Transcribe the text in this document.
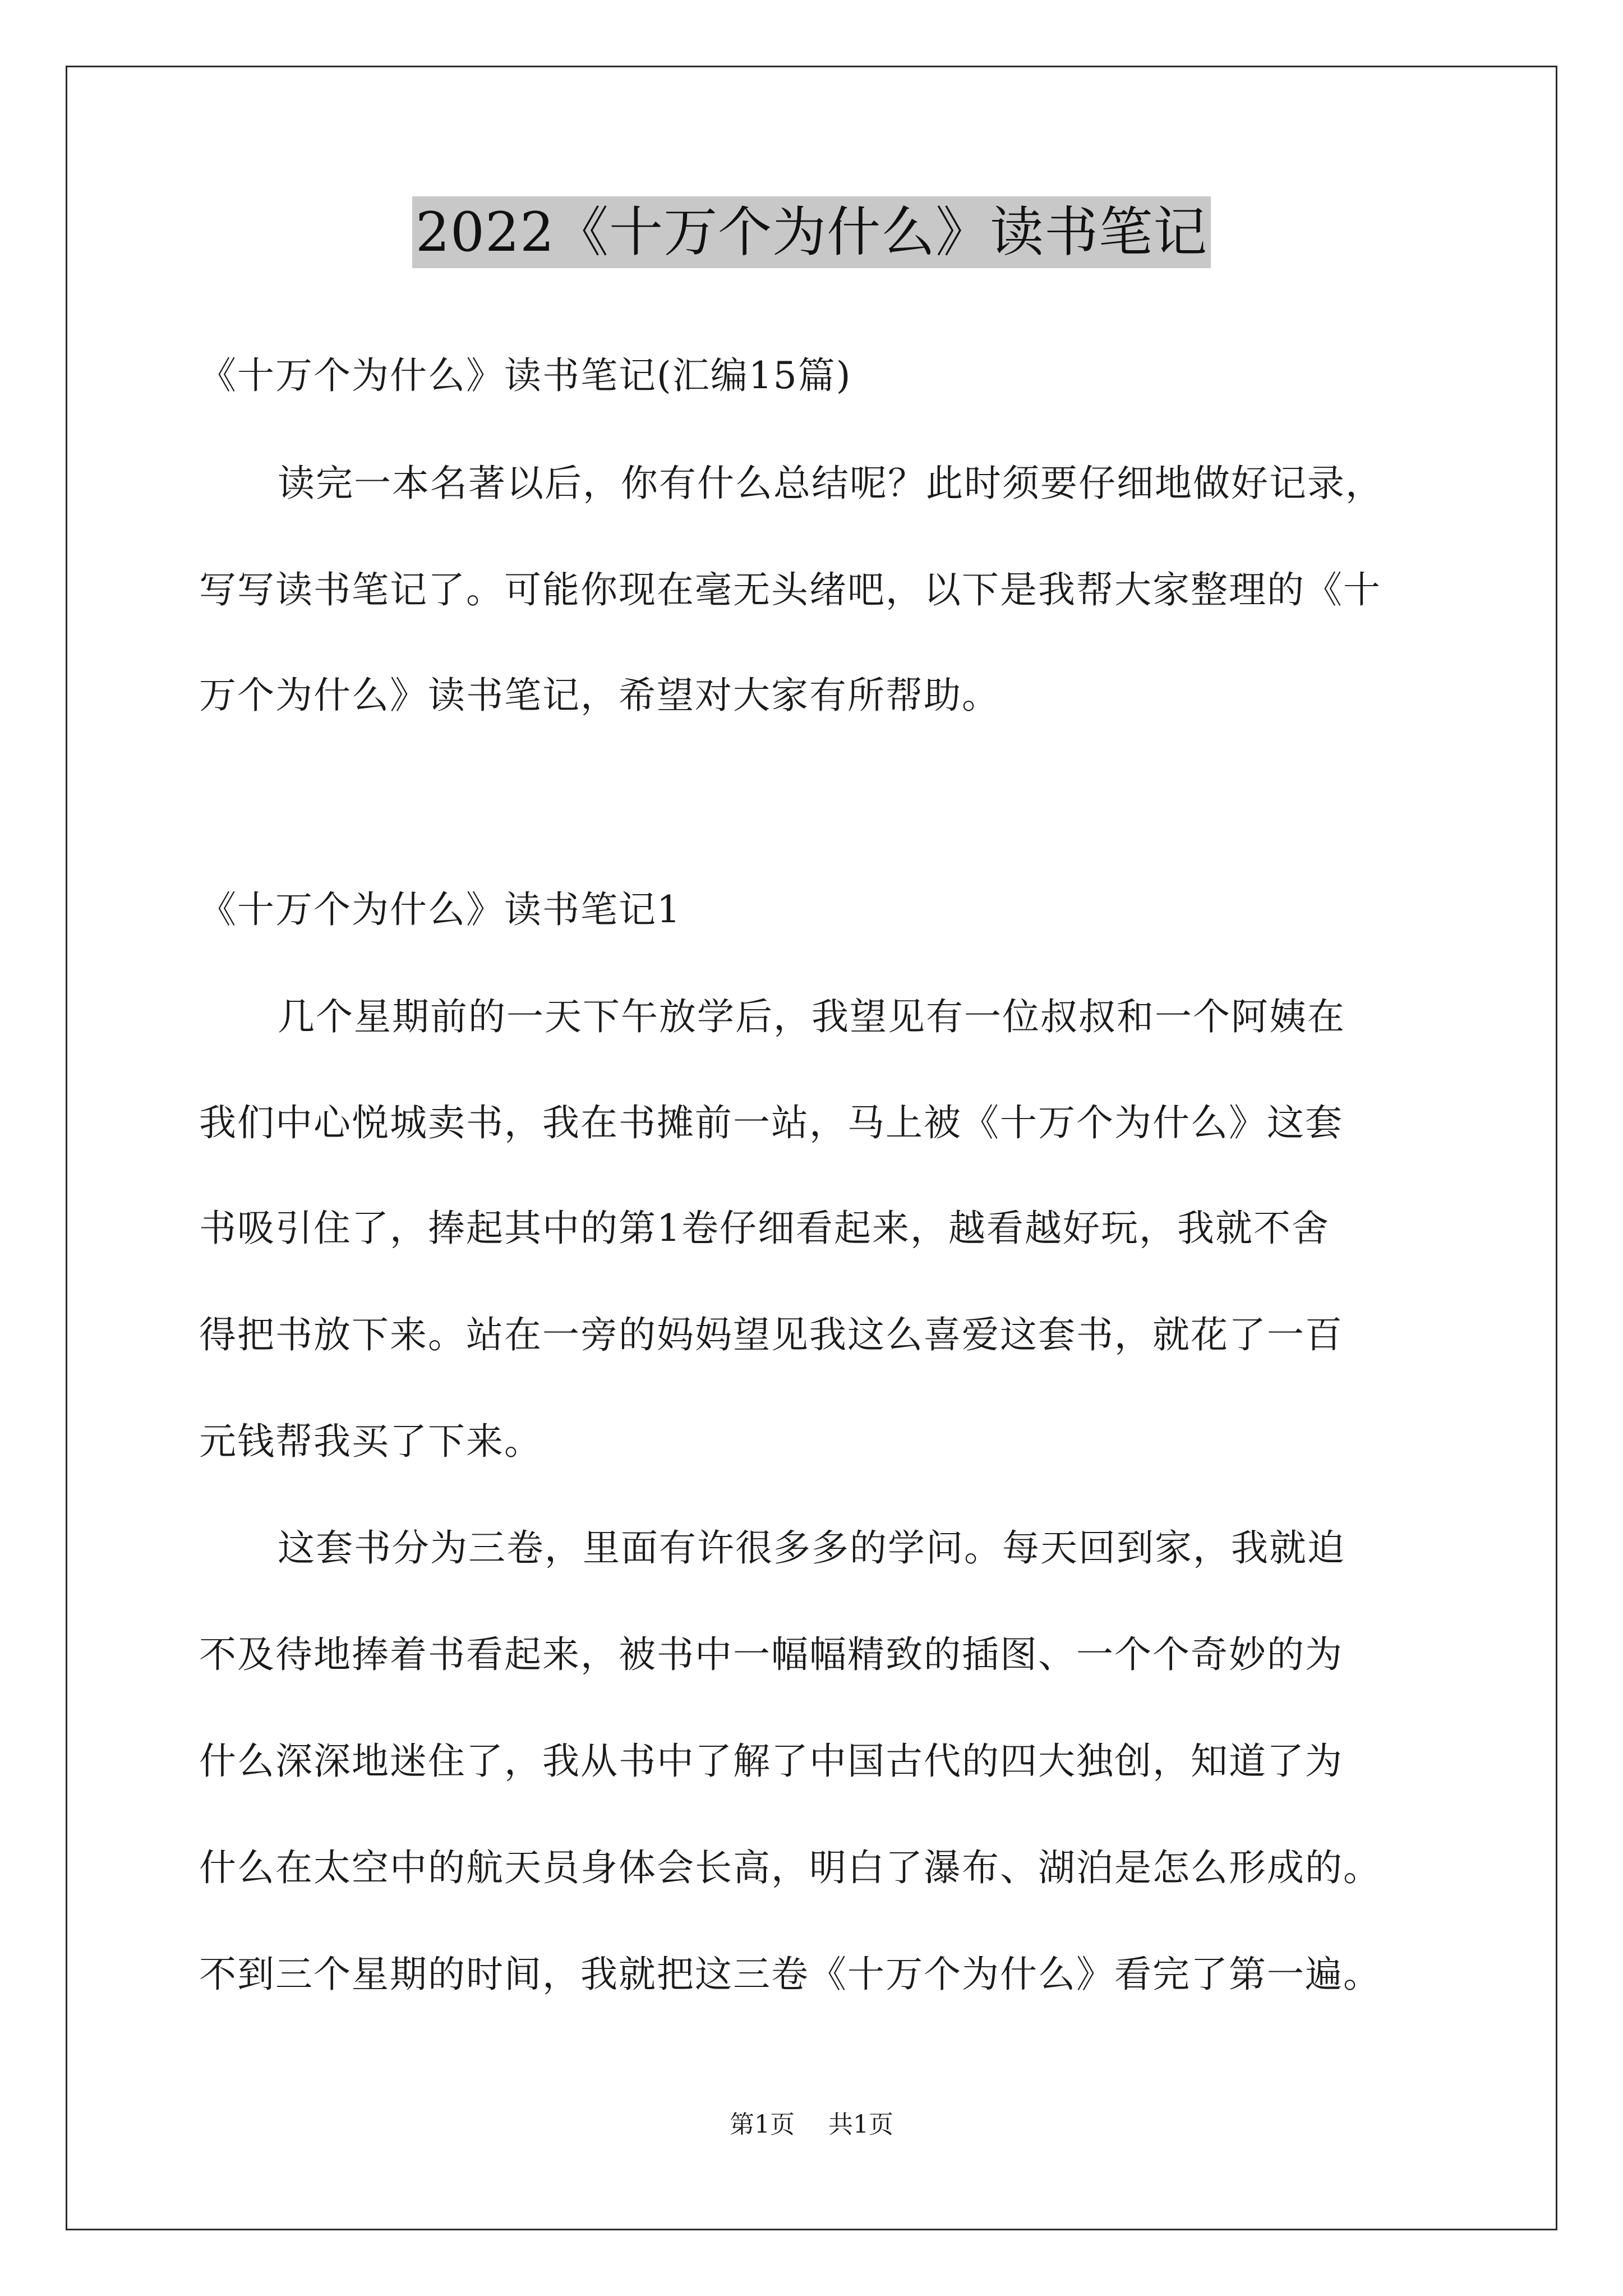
2022《十万个为什么》读书笔记
《十万个为什么》读书笔记(汇编15篇)
读完一本名著以后，你有什么总结呢？此时须要仔细地做好记录，
写写读书笔记了。可能你现在毫无头绪吧，以下是我帮大家整理的《十
万个为什么》读书笔记，希望对大家有所帮助。
《十万个为什么》读书笔记1
几个星期前的一天下午放学后，我望见有一位叔叔和一个阿姨在
我们中心悦城卖书，我在书摊前一站，马上被《十万个为什么》这套
书吸引住了，捧起其中的第1卷仔细看起来，越看越好玩，我就不舍
得把书放下来。站在一旁的妈妈望见我这么喜爱这套书，就花了一百
元钱帮我买了下来。
这套书分为三卷，里面有许很多多的学问。每天回到家，我就迫
不及待地捧着书看起来，被书中一幅幅精致的插图、一个个奇妙的为
什么深深地迷住了，我从书中了解了中国古代的四大独创，知道了为
什么在太空中的航天员身体会长高，明白了瀑布、湖泊是怎么形成的。
不到三个星期的时间，我就把这三卷《十万个为什么》看完了第一遍。
第1页 共1页
